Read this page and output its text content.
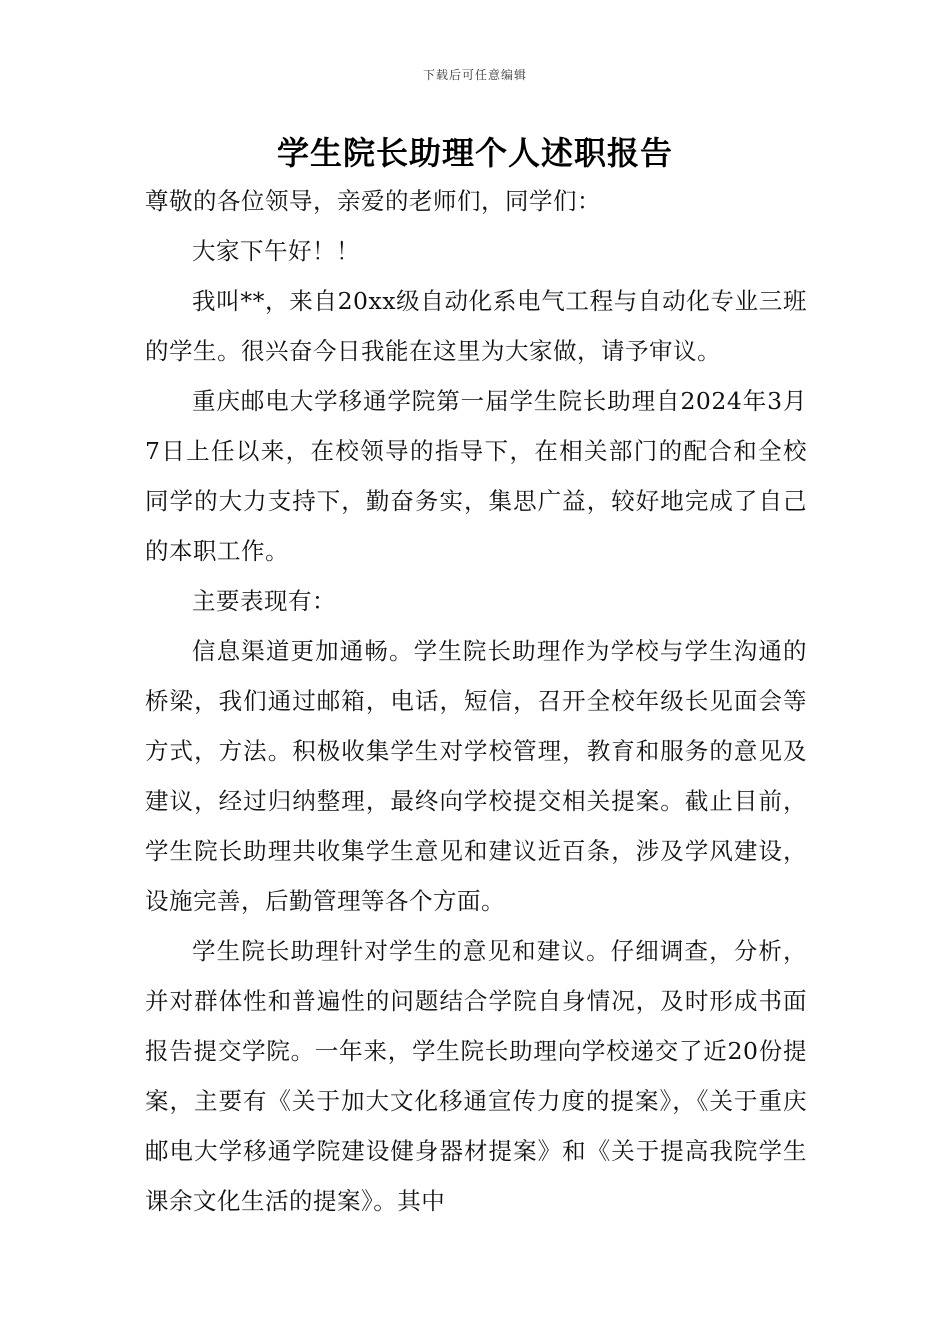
下载后可任意编辑
学生院长助理个人述职报告

尊敬的各位领导，亲爱的老师们，同学们：

大家下午好！！

我叫**，来自20xx级自动化系电气工程与自动化专业三班的学生。很兴奋今日我能在这里为大家做，请予审议。

重庆邮电大学移通学院第一届学生院长助理自2024年3月7日上任以来，在校领导的指导下，在相关部门的配合和全校同学的大力支持下，勤奋务实，集思广益，较好地完成了自己的本职工作。

主要表现有：

信息渠道更加通畅。学生院长助理作为学校与学生沟通的桥梁，我们通过邮箱，电话，短信，召开全校年级长见面会等方式，方法。积极收集学生对学校管理，教育和服务的意见及建议，经过归纳整理，最终向学校提交相关提案。截止目前，学生院长助理共收集学生意见和建议近百条，涉及学风建设，设施完善，后勤管理等各个方面。

学生院长助理针对学生的意见和建议。仔细调查，分析，并对群体性和普遍性的问题结合学院自身情况，及时形成书面报告提交学院。一年来，学生院长助理向学校递交了近20份提案，主要有《关于加大文化移通宣传力度的提案》，《关于重庆邮电大学移通学院建设健身器材提案》和《关于提高我院学生课余文化生活的提案》。其中
